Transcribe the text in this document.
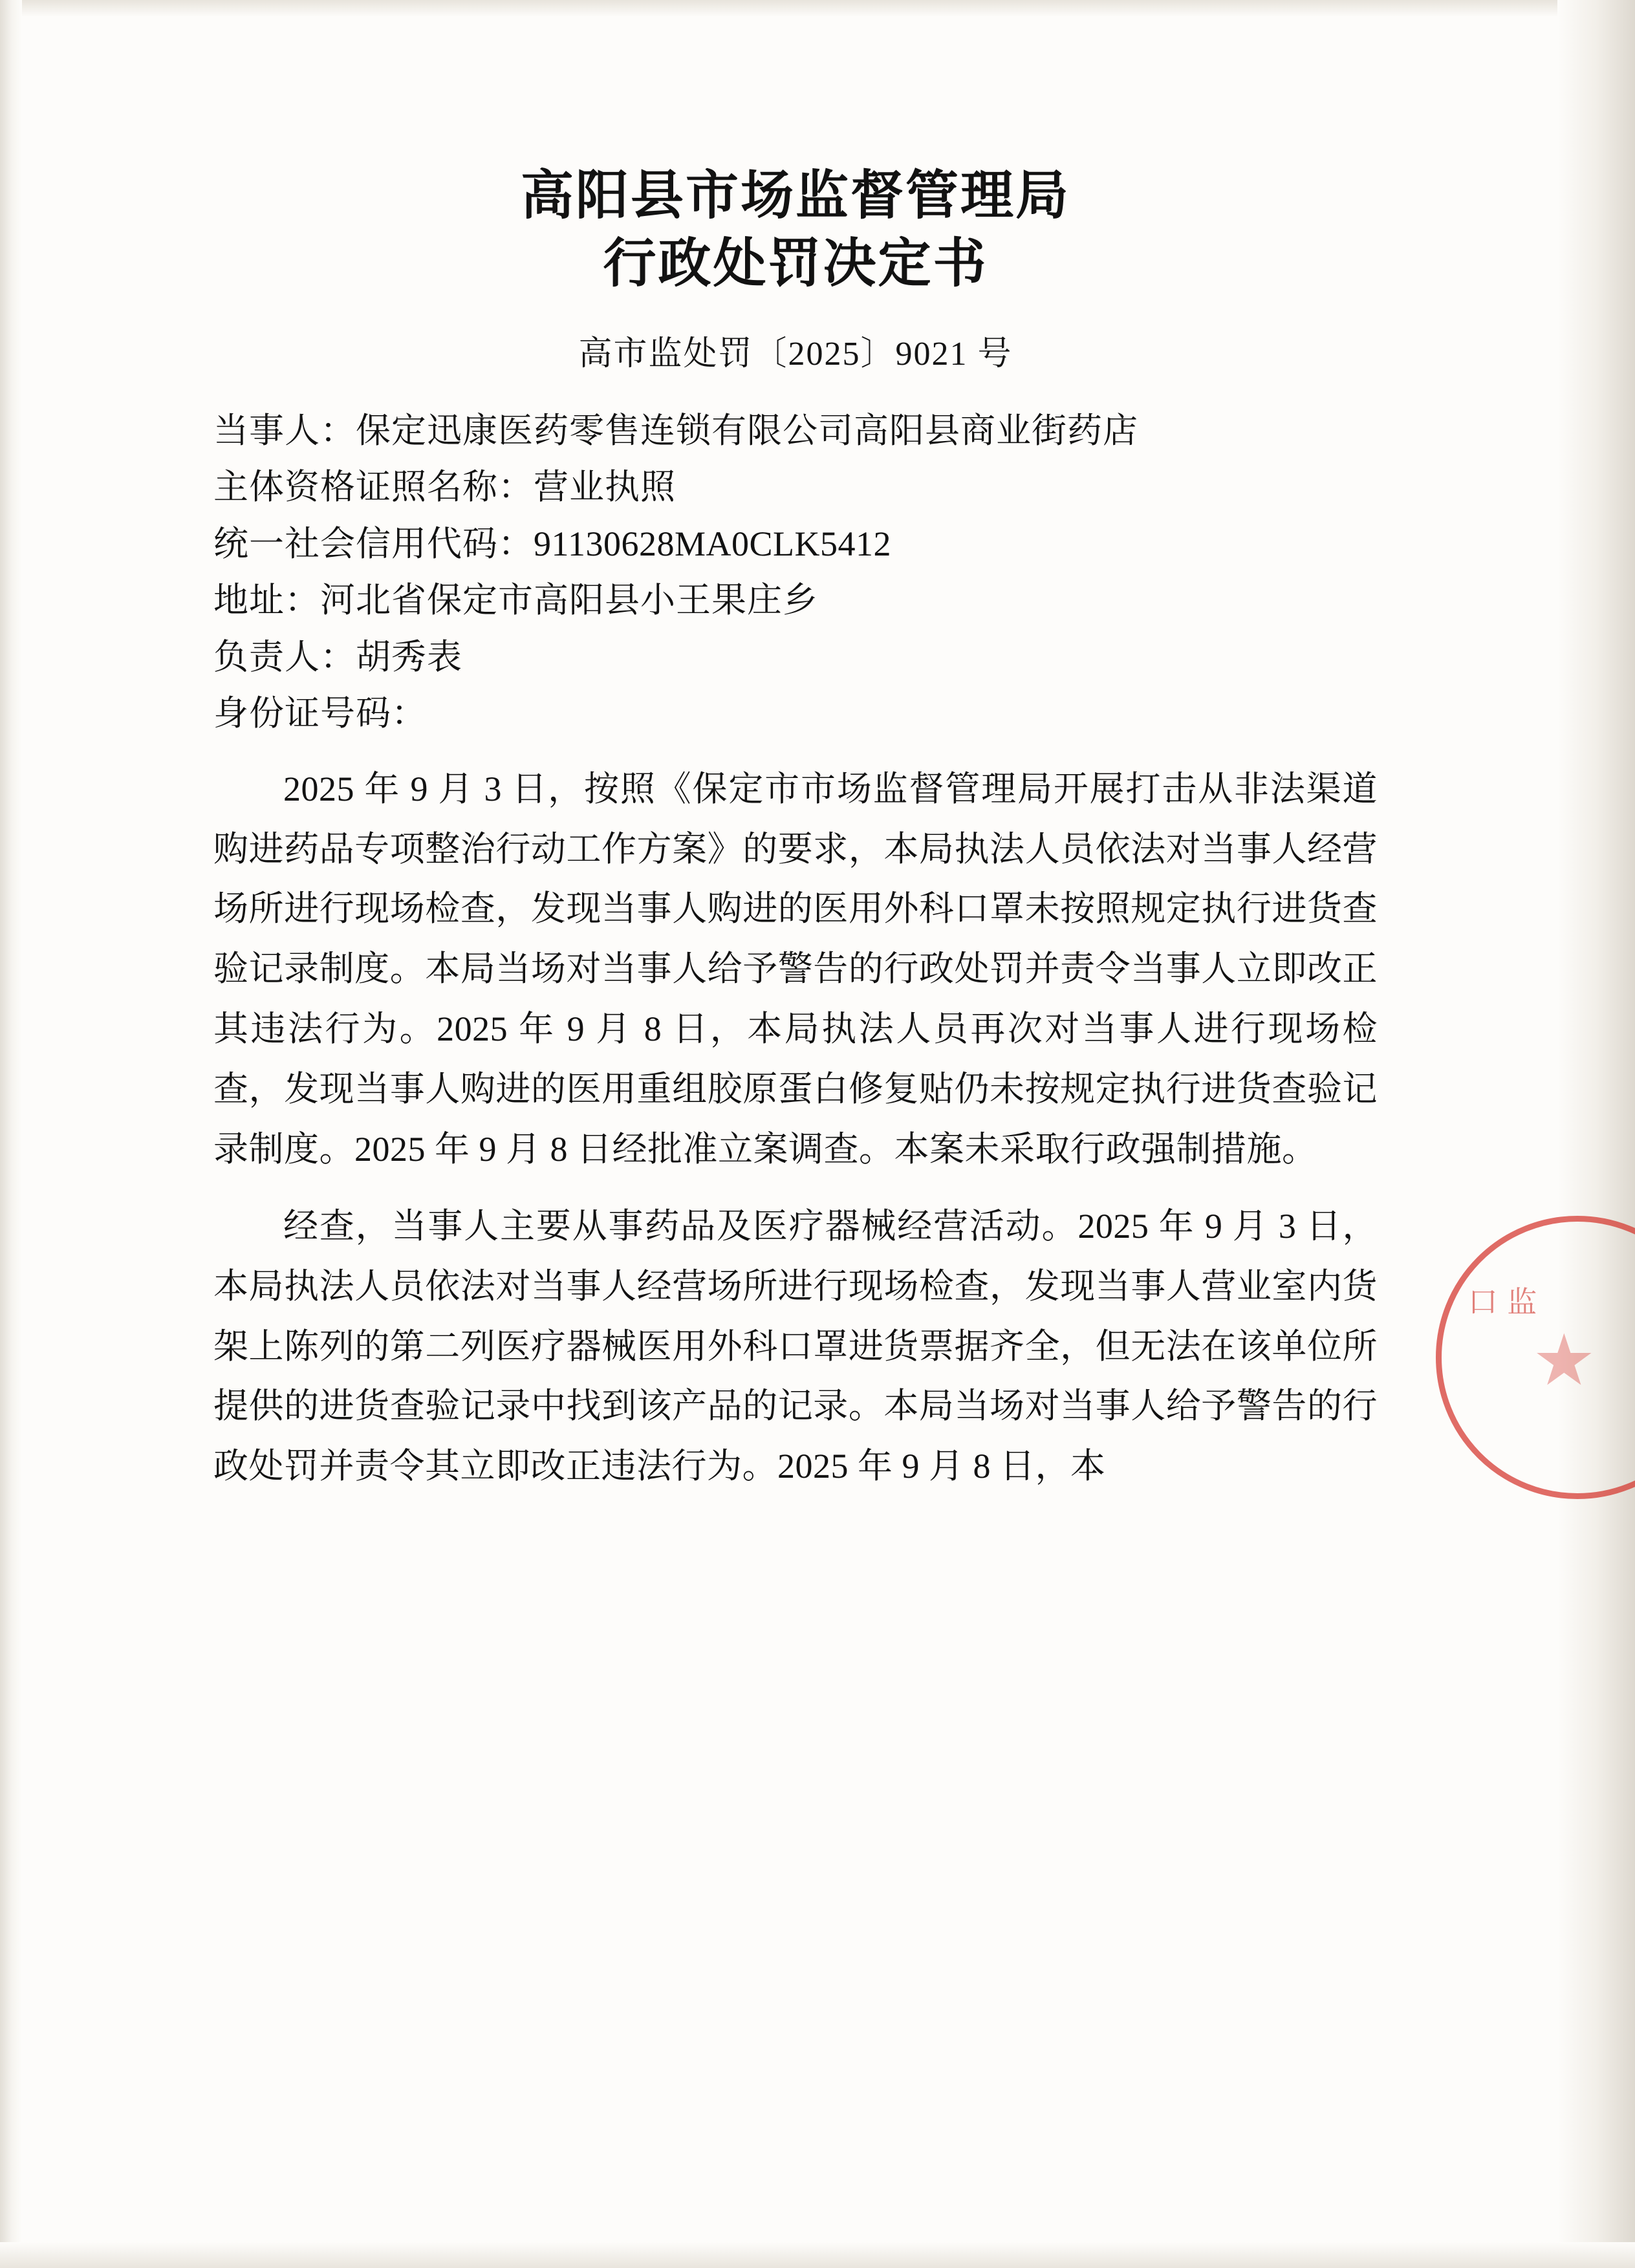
高阳县市场监督管理局
行政处罚决定书
高市监处罚〔2025〕9021 号
当事人：保定迅康医药零售连锁有限公司高阳县商业街药店
主体资格证照名称：营业执照
统一社会信用代码：91130628MA0CLK5412
地址：河北省保定市高阳县小王果庄乡
负责人：胡秀表
身份证号码：
2025 年 9 月 3 日，按照《保定市市场监督管理局开展打击从非法渠道购进药品专项整治行动工作方案》的要求，本局执法人员依法对当事人经营场所进行现场检查，发现当事人购进的医用外科口罩未按照规定执行进货查验记录制度。本局当场对当事人给予警告的行政处罚并责令当事人立即改正其违法行为。2025 年 9 月 8 日，本局执法人员再次对当事人进行现场检查，发现当事人购进的医用重组胶原蛋白修复贴仍未按规定执行进货查验记录制度。2025 年 9 月 8 日经批准立案调查。本案未采取行政强制措施。
经查，当事人主要从事药品及医疗器械经营活动。2025 年 9 月 3 日，本局执法人员依法对当事人经营场所进行现场检查，发现当事人营业室内货架上陈列的第二列医疗器械医用外科口罩进货票据齐全，但无法在该单位所提供的进货查验记录中找到该产品的记录。本局当场对当事人给予警告的行政处罚并责令其立即改正违法行为。2025 年 9 月 8 日，本
★
口 监
